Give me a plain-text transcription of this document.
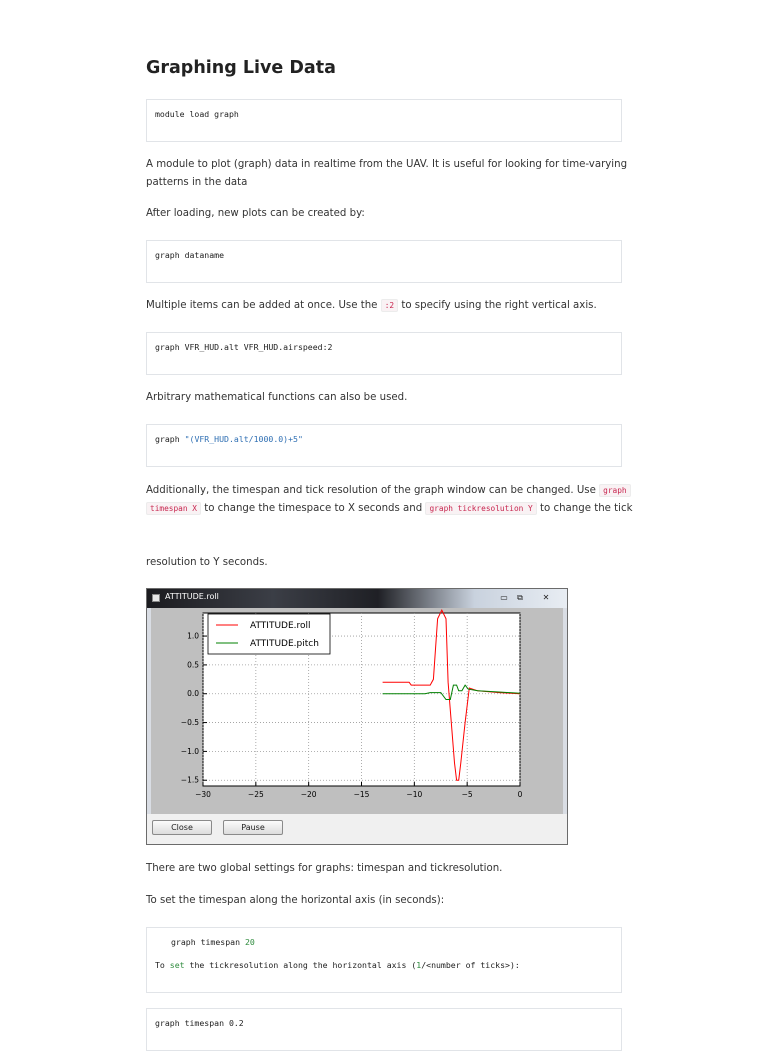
Graphing Live Data
module load graph
A module to plot (graph) data in realtime from the UAV. It is useful for looking for time-varying
patterns in the data
After loading, new plots can be created by:
graph dataname
Multiple items can be added at once. Use the :2 to specify using the right vertical axis.
graph VFR_HUD.alt VFR_HUD.airspeed:2
Arbitrary mathematical functions can also be used.
graph "(VFR_HUD.alt/1000.0)+5"
Additionally, the timespan and tick resolution of the graph window can be changed. Use graph
timespan X to change the timespace to X seconds and graph tickresolution Y to change the tick
resolution to Y seconds.
ATTITUDE.roll	▭	⧉	✕
−30	−25	−20	−15	−10	−5	0
1.0
0.5
0.0
−0.5
−1.0
−1.5
ATTITUDE.roll
ATTITUDE.pitch
Close	Pause
There are two global settings for graphs: timespan and tickresolution.
To set the timespan along the horizontal axis (in seconds):
graph timespan 20
To set the tickresolution along the horizontal axis (1/<number of ticks>):
graph timespan 0.2
